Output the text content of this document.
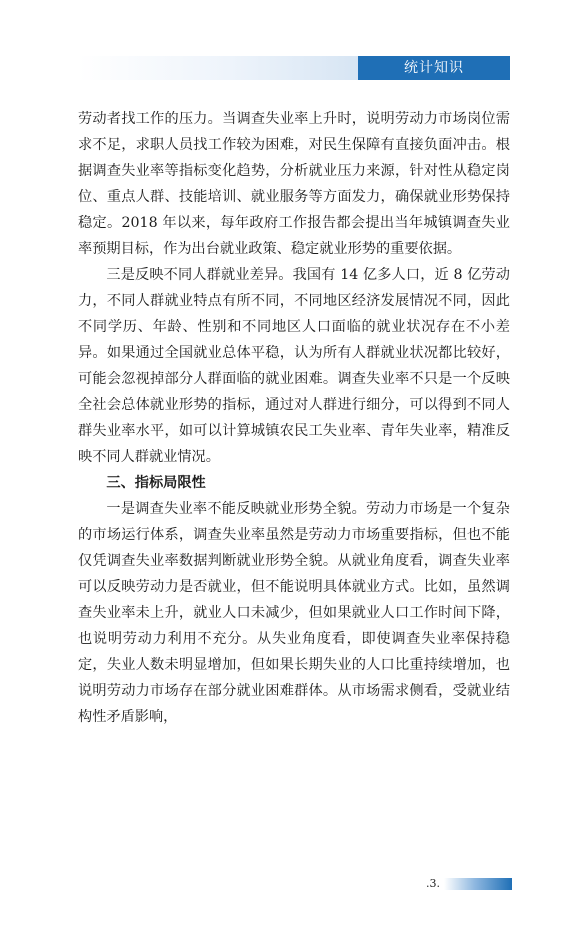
统计知识

劳动者找工作的压力。当调查失业率上升时，说明劳动力市场岗位需求不足，求职人员找工作较为困难，对民生保障有直接负面冲击。根据调查失业率等指标变化趋势，分析就业压力来源，针对性从稳定岗位、重点人群、技能培训、就业服务等方面发力，确保就业形势保持稳定。2018 年以来，每年政府工作报告都会提出当年城镇调查失业率预期目标，作为出台就业政策、稳定就业形势的重要依据。

三是反映不同人群就业差异。我国有 14 亿多人口，近 8 亿劳动力，不同人群就业特点有所不同，不同地区经济发展情况不同，因此不同学历、年龄、性别和不同地区人口面临的就业状况存在不小差异。如果通过全国就业总体平稳，认为所有人群就业状况都比较好，可能会忽视掉部分人群面临的就业困难。调查失业率不只是一个反映全社会总体就业形势的指标，通过对人群进行细分，可以得到不同人群失业率水平，如可以计算城镇农民工失业率、青年失业率，精准反映不同人群就业情况。

三、指标局限性

一是调查失业率不能反映就业形势全貌。劳动力市场是一个复杂的市场运行体系，调查失业率虽然是劳动力市场重要指标，但也不能仅凭调查失业率数据判断就业形势全貌。从就业角度看，调查失业率可以反映劳动力是否就业，但不能说明具体就业方式。比如，虽然调查失业率未上升，就业人口未减少，但如果就业人口工作时间下降，也说明劳动力利用不充分。从失业角度看，即使调查失业率保持稳定，失业人数未明显增加，但如果长期失业的人口比重持续增加，也说明劳动力市场存在部分就业困难群体。从市场需求侧看，受就业结构性矛盾影响，

.3.
